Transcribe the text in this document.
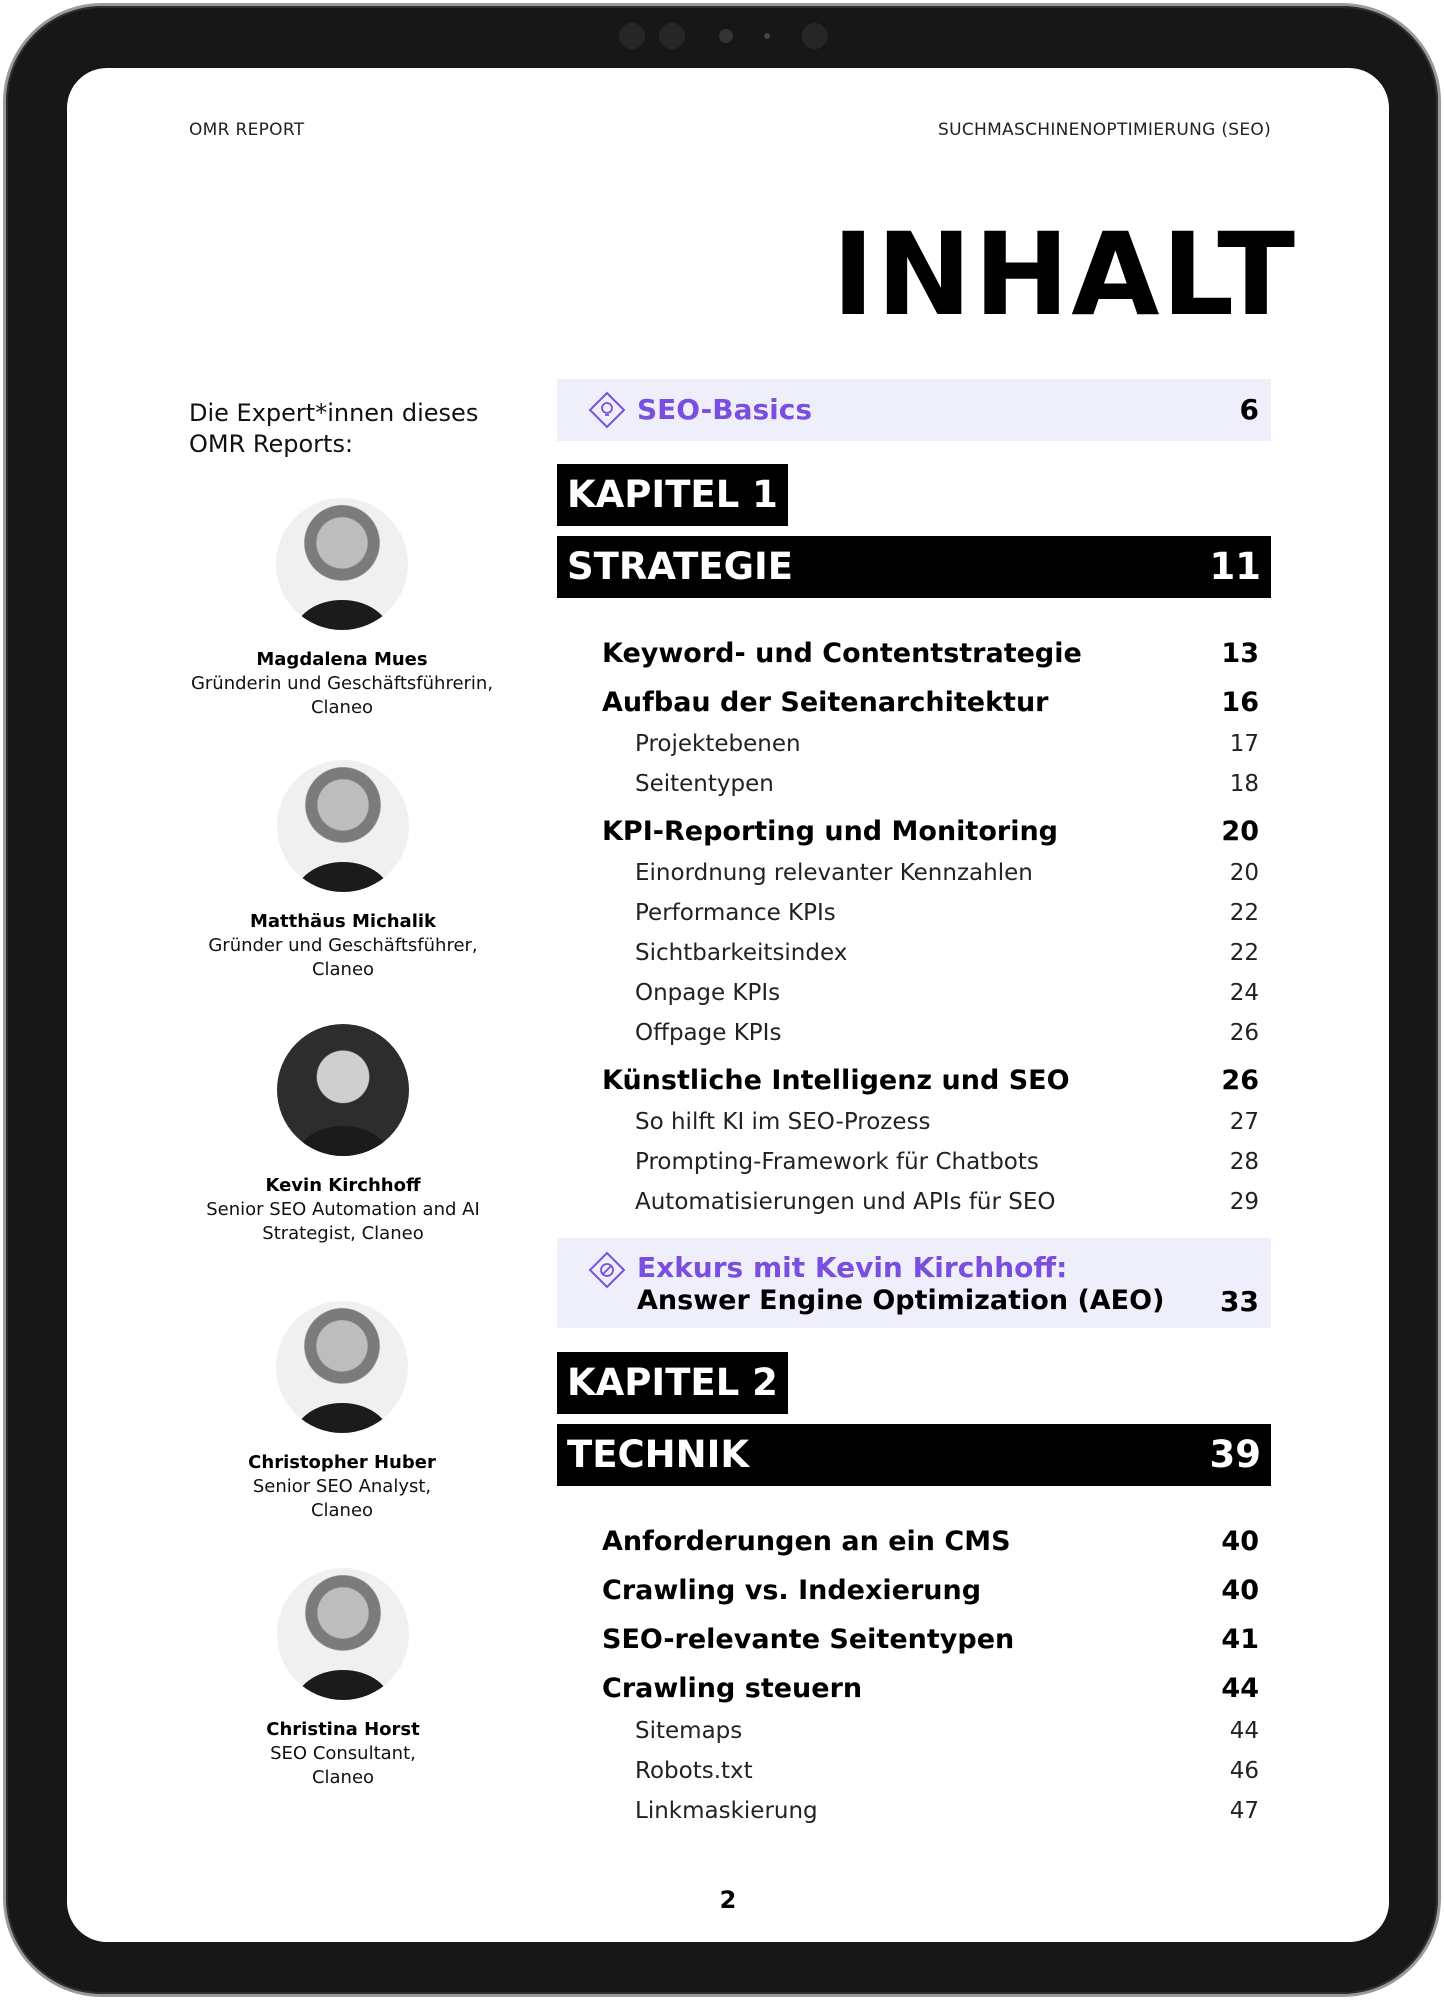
OMR REPORT	SUCHMASCHINENOPTIMIERUNG (SEO)
INHALT
Die Expert*innen dieses OMR Reports:
Magdalena Mues
Gründerin und Geschäftsführerin,
Claneo
Matthäus Michalik
Gründer und Geschäftsführer,
Claneo
Kevin Kirchhoff
Senior SEO Automation and AI
Strategist, Claneo
Christopher Huber
Senior SEO Analyst,
Claneo
Christina Horst
SEO Consultant,
Claneo
SEO-Basics	6
KAPITEL 1
STRATEGIE	11
Keyword- und Contentstrategie	13
Aufbau der Seitenarchitektur	16
Projektebenen	17
Seitentypen	18
KPI-Reporting und Monitoring	20
Einordnung relevanter Kennzahlen	20
Performance KPIs	22
Sichtbarkeitsindex	22
Onpage KPIs	24
Offpage KPIs	26
Künstliche Intelligenz und SEO	26
So hilft KI im SEO-Prozess	27
Prompting-Framework für Chatbots	28
Automatisierungen und APIs für SEO	29
Exkurs mit Kevin Kirchhoff:
Answer Engine Optimization (AEO) 33
KAPITEL 2
TECHNIK	39
Anforderungen an ein CMS	40
Crawling vs. Indexierung	40
SEO-relevante Seitentypen	41
Crawling steuern	44
Sitemaps	44
Robots.txt	46
Linkmaskierung	47
2
